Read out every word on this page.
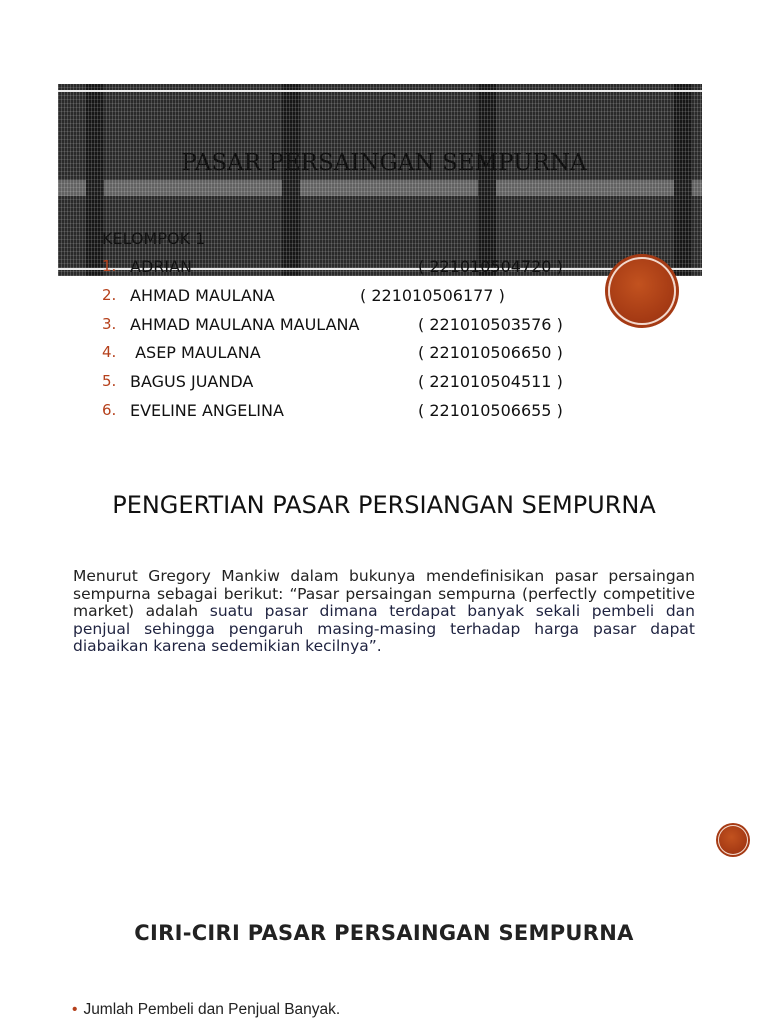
PASAR PERSAINGAN SEMPURNA
KELOMPOK 1
1. ADRIAN	( 221010504720 )
2. AHMAD MAULANA	( 221010506177 )
3. AHMAD MAULANA MAULANA	( 221010503576 )
4. ASEP MAULANA	( 221010506650 )
5. BAGUS JUANDA	( 221010504511 )
6. EVELINE ANGELINA	( 221010506655 )
PENGERTIAN PASAR PERSIANGAN SEMPURNA
Menurut Gregory Mankiw dalam bukunya mendefinisikan pasar persaingan sempurna sebagai berikut: “Pasar persaingan sempurna (perfectly competitive market) adalah suatu pasar dimana terdapat banyak sekali pembeli dan penjual sehingga pengaruh masing-masing terhadap harga pasar dapat diabaikan karena sedemikian kecilnya”.
CIRI-CIRI PASAR PERSAINGAN SEMPURNA
• Jumlah Pembeli dan Penjual Banyak.
